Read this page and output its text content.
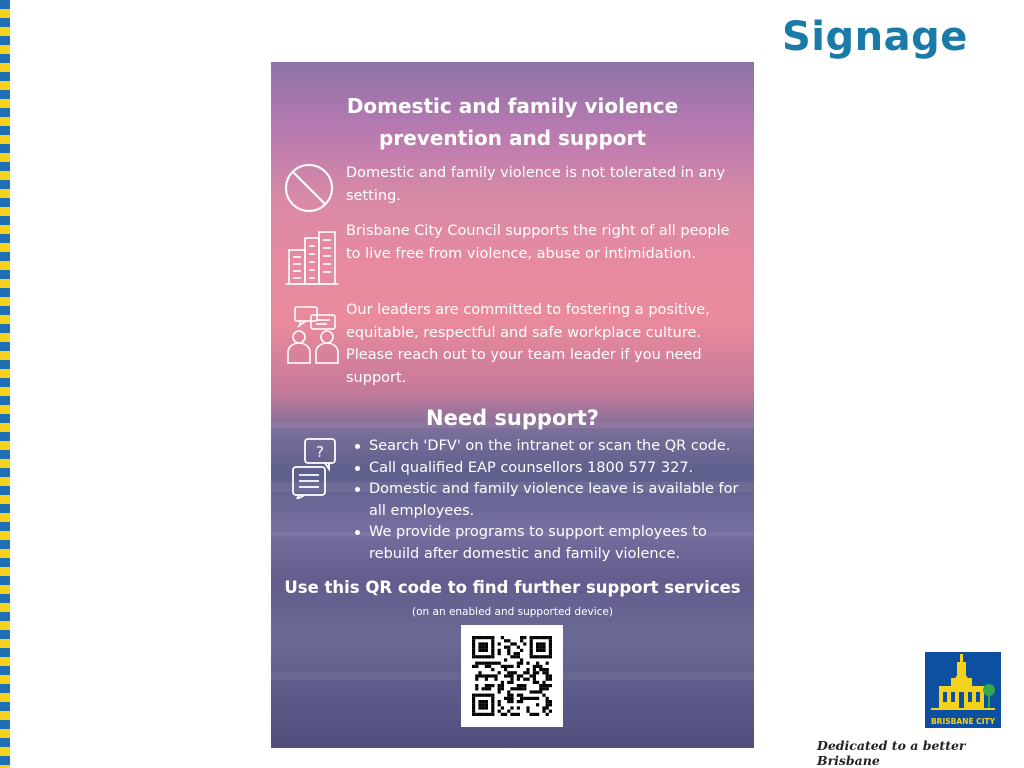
Signage
Domestic and family violence
prevention and support
Domestic and family violence is not tolerated in any setting.
Brisbane City Council supports the right of all people to live free from violence, abuse or intimidation.
Our leaders are committed to fostering a positive, equitable, respectful and safe workplace culture. Please reach out to your team leader if you need support.
Need support?
?	Search 'DFV' on the intranet or scan the QR code.
Call qualified EAP counsellors 1800 577 327.
Domestic and family violence leave is available for all employees.
We provide programs to support employees to rebuild after domestic and family violence.
Use this QR code to find further support services
(on an enabled and supported device)
BRISBANE CITY
Dedicated to a better Brisbane
